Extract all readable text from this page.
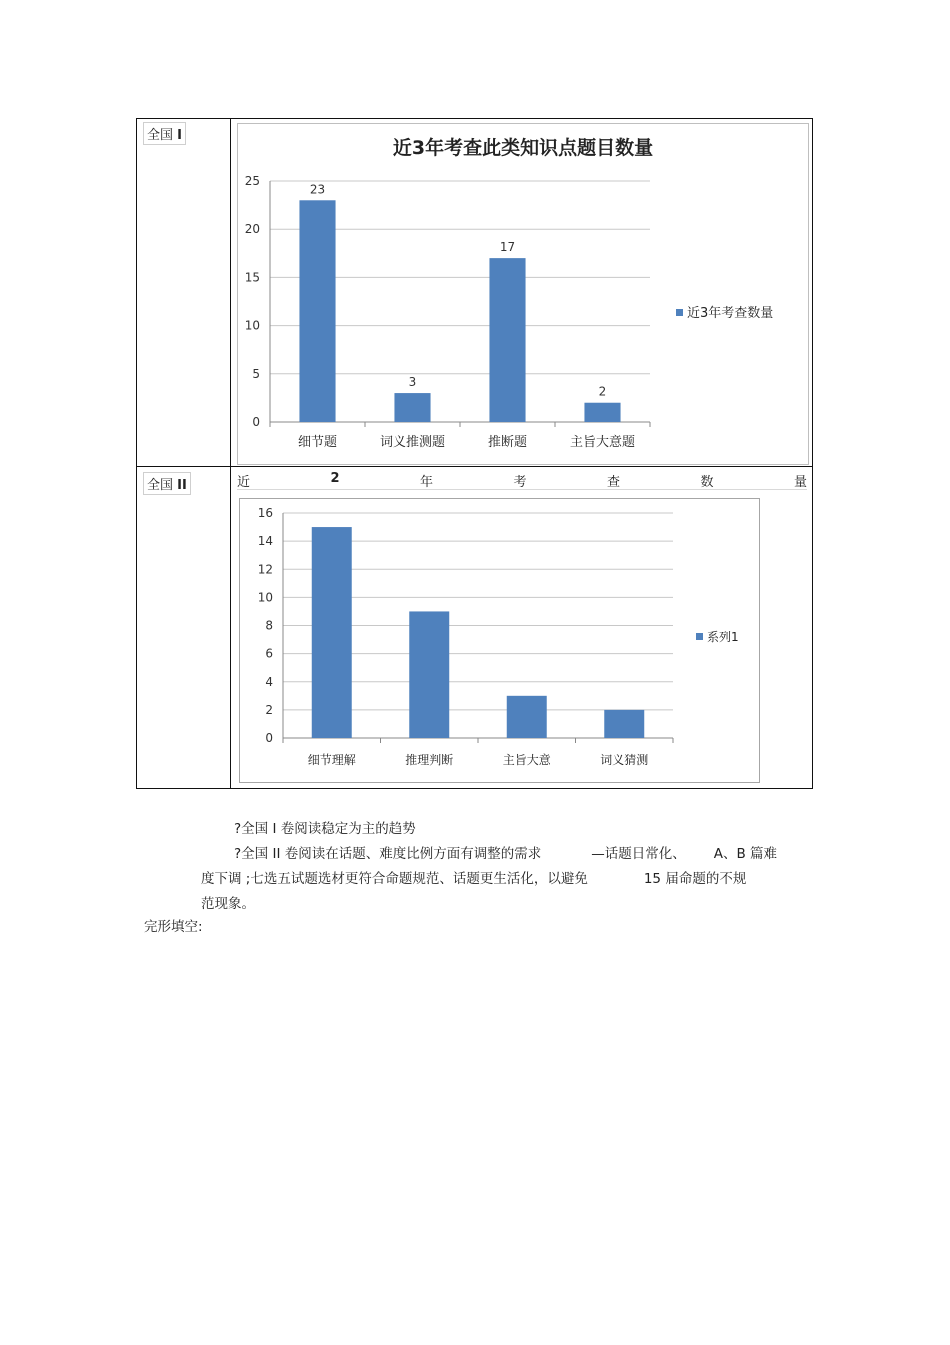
全国 I
全国 II
近3年考查此类知识点题目数量
0
5
10
15
20
25
细节题
23
词义推测题
3
推断题
17
主旨大意题
2
近3年考查数量
近	2	年	考	查	数	量
0
2
4
6
8
10
12
14
16
细节理解	推理判断	主旨大意	词义猜测
系列1
?全国 I 卷阅读稳定为主的趋势
?全国 II 卷阅读在话题、难度比例方面有调整的需求	—话题日常化、 A、B 篇难
度下调 ;七选五试题选材更符合命题规范、话题更生活化，以避免	15 届命题的不规
范现象。
完形填空:
